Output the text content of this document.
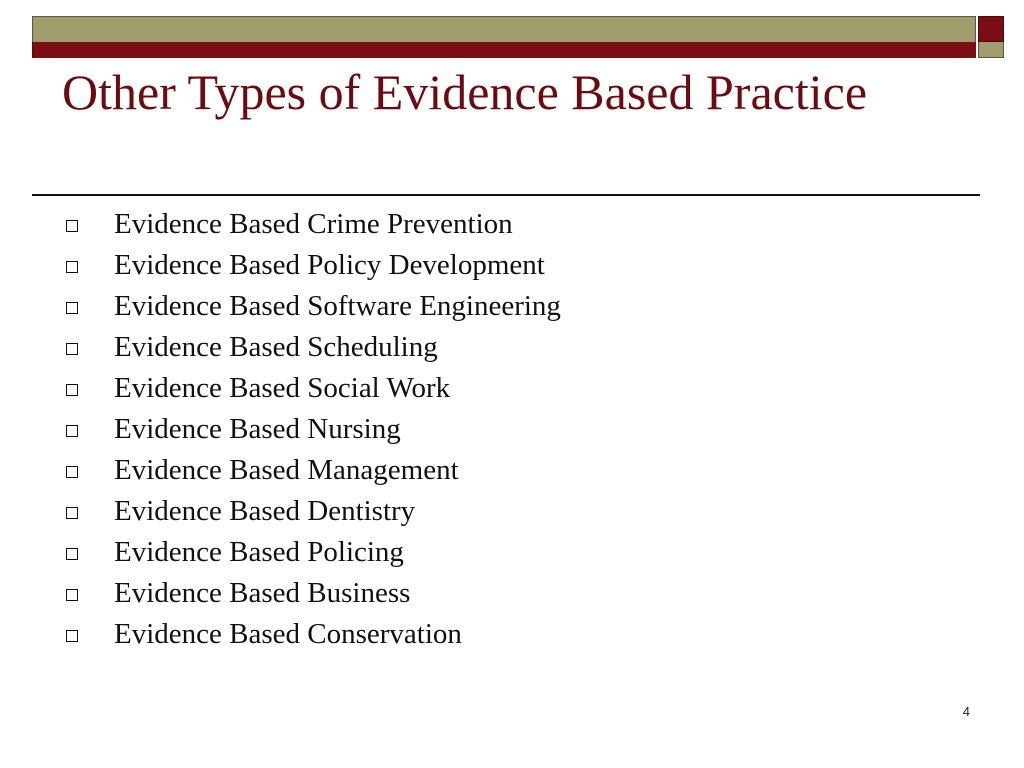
Other Types of Evidence Based Practice
Evidence Based Crime Prevention
Evidence Based Policy Development
Evidence Based Software Engineering
Evidence Based Scheduling
Evidence Based Social Work
Evidence Based Nursing
Evidence Based Management
Evidence Based Dentistry
Evidence Based Policing
Evidence Based Business
Evidence Based Conservation
4
